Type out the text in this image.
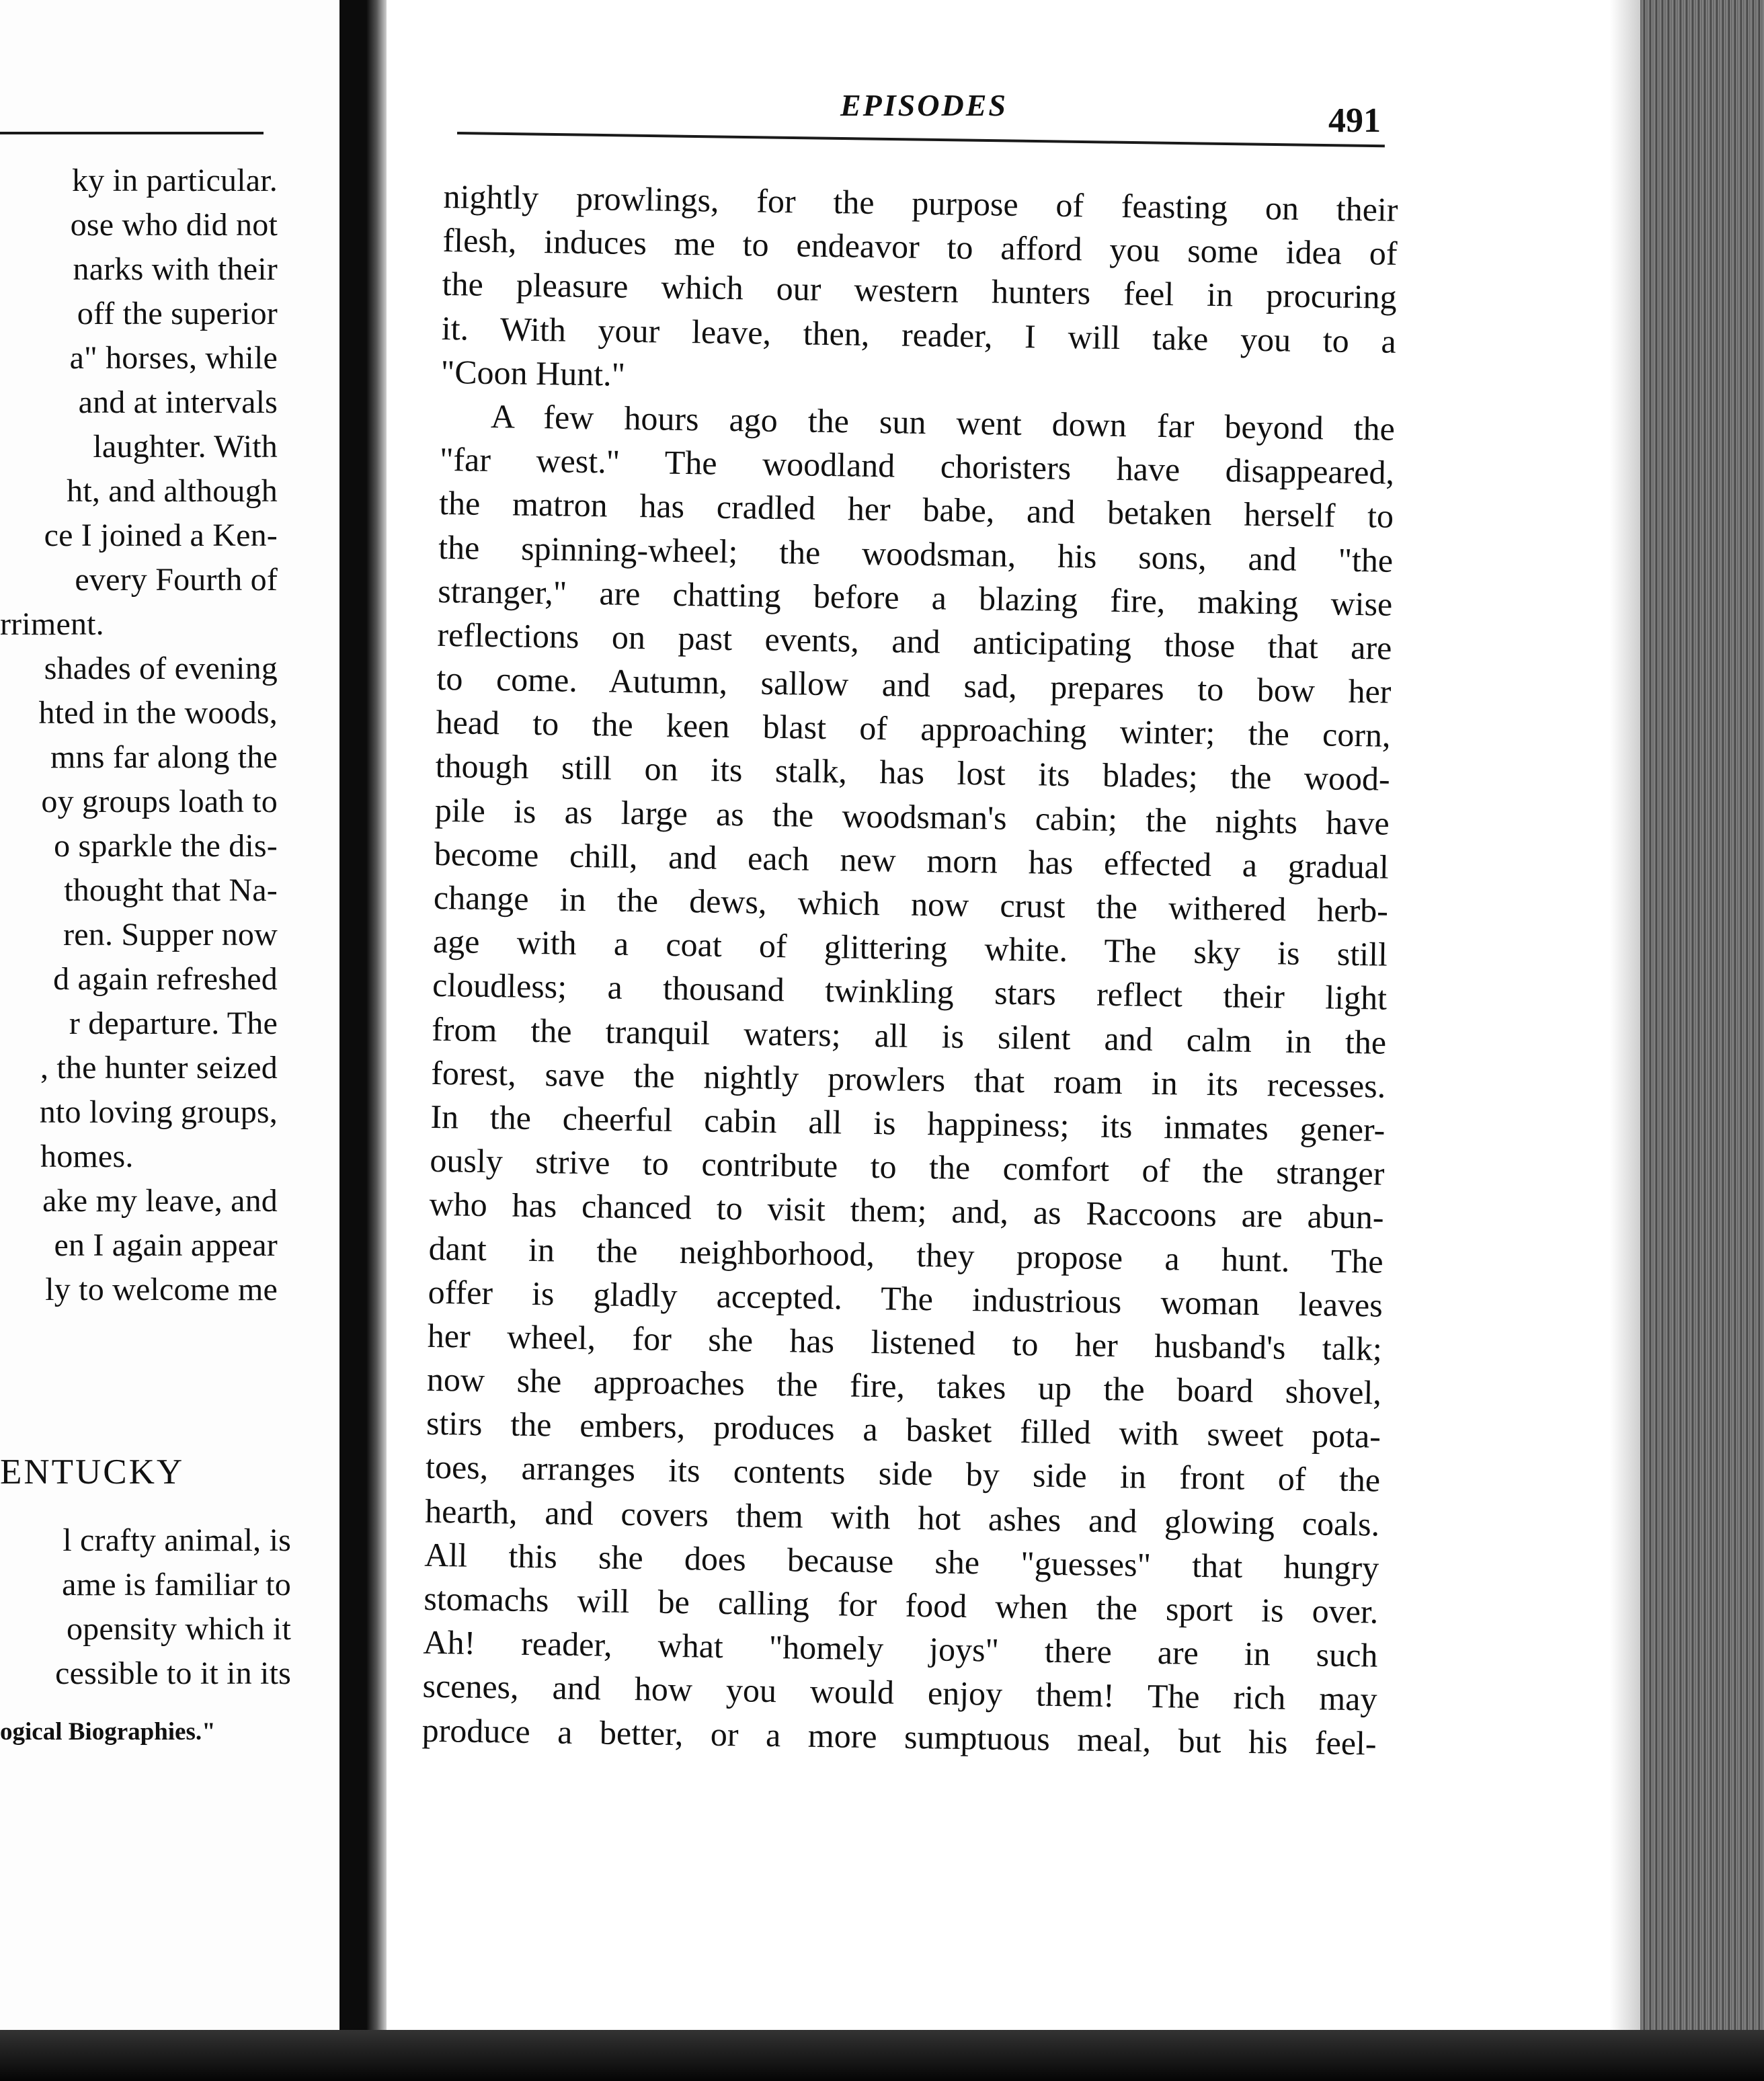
ky in particular.
ose who did not
narks with their
off the superior
a" horses, while
and at intervals
laughter. With
ht, and although
ce I joined a Ken-
every Fourth of
rriment.
shades of evening
hted in the woods,
mns far along the
oy groups loath to
o sparkle the dis-
thought that Na-
ren. Supper now
d again refreshed
r departure. The
, the hunter seized
nto loving groups,
homes.
ake my leave, and
en I again appear
ly to welcome me
ENTUCKY
l crafty animal, is
ame is familiar to
opensity which it
cessible to it in its
ogical Biographies."
EPISODES	491
nightly prowlings, for the purpose of feasting on their
flesh, induces me to endeavor to afford you some idea of
the pleasure which our western hunters feel in procuring
it. With your leave, then, reader, I will take you to a
"Coon Hunt."
A few hours ago the sun went down far beyond the
"far west." The woodland choristers have disappeared,
the matron has cradled her babe, and betaken herself to
the spinning-wheel; the woodsman, his sons, and "the
stranger," are chatting before a blazing fire, making wise
reflections on past events, and anticipating those that are
to come. Autumn, sallow and sad, prepares to bow her
head to the keen blast of approaching winter; the corn,
though still on its stalk, has lost its blades; the wood-
pile is as large as the woodsman's cabin; the nights have
become chill, and each new morn has effected a gradual
change in the dews, which now crust the withered herb-
age with a coat of glittering white. The sky is still
cloudless; a thousand twinkling stars reflect their light
from the tranquil waters; all is silent and calm in the
forest, save the nightly prowlers that roam in its recesses.
In the cheerful cabin all is happiness; its inmates gener-
ously strive to contribute to the comfort of the stranger
who has chanced to visit them; and, as Raccoons are abun-
dant in the neighborhood, they propose a hunt. The
offer is gladly accepted. The industrious woman leaves
her wheel, for she has listened to her husband's talk;
now she approaches the fire, takes up the board shovel,
stirs the embers, produces a basket filled with sweet pota-
toes, arranges its contents side by side in front of the
hearth, and covers them with hot ashes and glowing coals.
All this she does because she "guesses" that hungry
stomachs will be calling for food when the sport is over.
Ah! reader, what "homely joys" there are in such
scenes, and how you would enjoy them! The rich may
produce a better, or a more sumptuous meal, but his feel-
